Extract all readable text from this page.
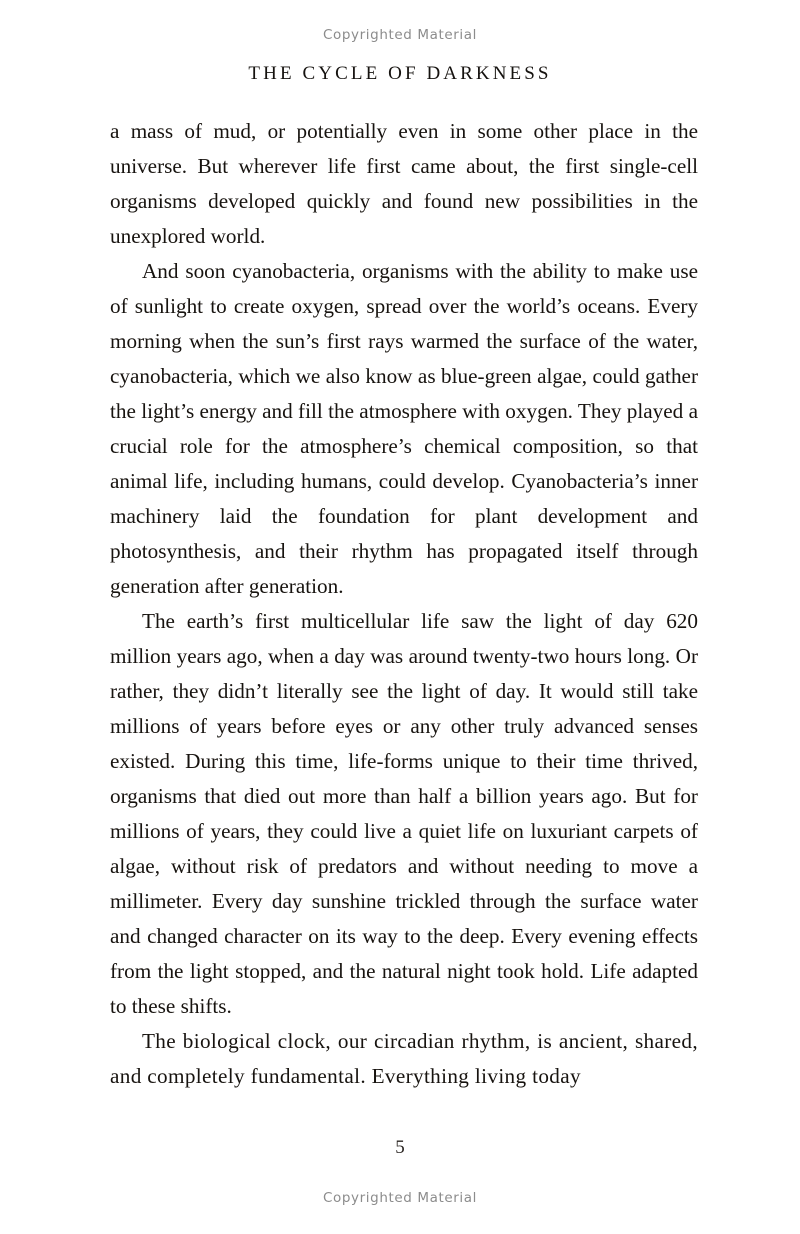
Copyrighted Material
THE CYCLE OF DARKNESS

a mass of mud, or potentially even in some other place in the universe. But wherever life first came about, the first single-cell organisms developed quickly and found new possibilities in the unexplored world.

And soon cyanobacteria, organisms with the ability to make use of sunlight to create oxygen, spread over the world’s oceans. Every morning when the sun’s first rays warmed the surface of the water, cyanobacteria, which we also know as blue-green algae, could gather the light’s energy and fill the atmosphere with oxygen. They played a crucial role for the atmosphere’s chemical composition, so that animal life, including humans, could develop. Cyanobacteria’s inner machinery laid the foundation for plant development and photosynthesis, and their rhythm has propagated itself through generation after generation.

The earth’s first multicellular life saw the light of day 620 million years ago, when a day was around twenty-two hours long. Or rather, they didn’t literally see the light of day. It would still take millions of years before eyes or any other truly advanced senses existed. During this time, life-forms unique to their time thrived, organisms that died out more than half a billion years ago. But for millions of years, they could live a quiet life on luxuriant carpets of algae, without risk of predators and without needing to move a millimeter. Every day sunshine trickled through the surface water and changed character on its way to the deep. Every evening effects from the light stopped, and the natural night took hold. Life adapted to these shifts.

The biological clock, our circadian rhythm, is ancient, shared, and completely fundamental. Everything living today

5
Copyrighted Material
